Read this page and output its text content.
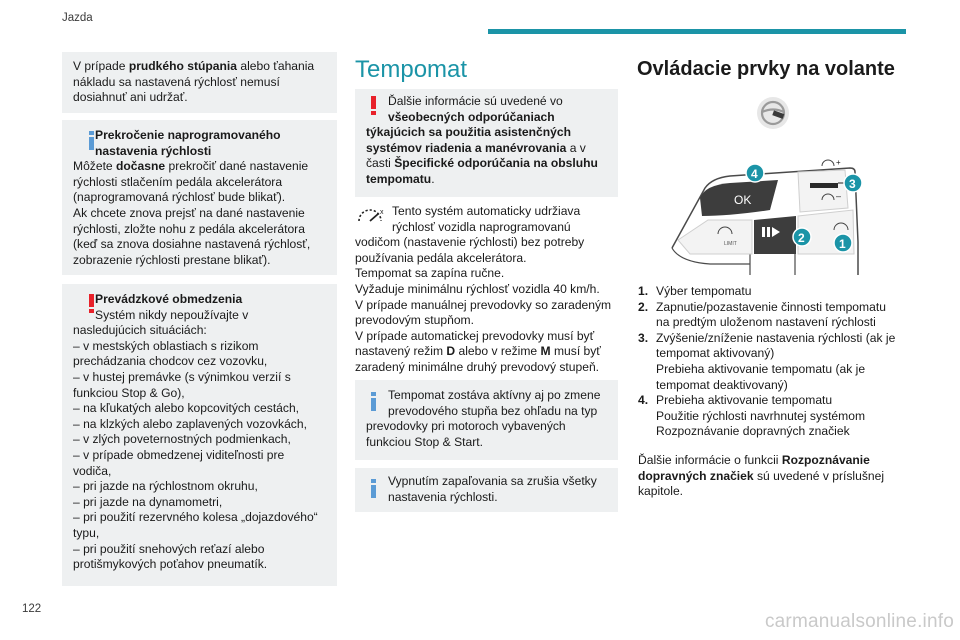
Jazda
122
carmanualsonline.info

V prípade prudkého stúpania alebo ťahania

nákladu sa nastavená rýchlosť nemusí

dosiahnuť ani udržať.

Prekročenie naprogramovaného

nastavenia rýchlosti

Môžete dočasne prekročiť dané nastavenie

rýchlosti stlačením pedála akcelerátora

(naprogramovaná rýchlosť bude blikať).

Ak chcete znova prejsť na dané nastavenie

rýchlosti, zložte nohu z pedála akcelerátora

(keď sa znova dosiahne nastavená rýchlosť,

zobrazenie rýchlosti prestane blikať).

Prevádzkové obmedzenia

Systém nikdy nepoužívajte v

nasledujúcich situáciách:

– v mestských oblastiach s rizikom

prechádzania chodcov cez vozovku,

– v hustej premávke (s výnimkou verzií s

funkciou Stop & Go),

– na kľukatých alebo kopcovitých cestách,

– na klzkých alebo zaplavených vozovkách,

– v zlých poveternostných podmienkach,

– v prípade obmedzenej viditeľnosti pre

vodiča,

– pri jazde na rýchlostnom okruhu,

– pri jazde na dynamometri,

– pri použití rezervného kolesa „dojazdového“

typu,

– pri použití snehových reťazí alebo

protišmykových poťahov pneumatík.

Tempomat

Ďalšie informácie sú uvedené vo

všeobecných odporúčaniach

týkajúcich sa použitia asistenčných

systémov riadenia a manévrovania a v

časti Špecifické odporúčania na obsluhu

tempomatu.

x Tento systém automaticky udržiava

rýchlosť vozidla naprogramovanú

vodičom (nastavenie rýchlosti) bez potreby

používania pedála akcelerátora.

Tempomat sa zapína ručne.

Vyžaduje minimálnu rýchlosť vozidla 40 km/h.

V prípade manuálnej prevodovky so zaradeným

prevodovým stupňom.

V prípade automatickej prevodovky musí byť

nastavený režim D alebo v režime M musí byť

zaradený minimálne druhý prevodový stupeň.

Tempomat zostáva aktívny aj po zmene

prevodového stupňa bez ohľadu na typ

prevodovky pri motoroch vybavených

funkciou Stop & Start.

Vypnutím zapaľovania sa zrušia všetky

nastavenia rýchlosti.

Ovládacie prvky na volante
+
–
OK
LIMIT
4
3
2	1
1. Výber tempomatu

2. Zapnutie/pozastavenie činnosti tempomatu

na predtým uloženom nastavení rýchlosti

3. Zvýšenie/zníženie nastavenia rýchlosti (ak je

tempomat aktivovaný)

Prebieha aktivovanie tempomatu (ak je

tempomat deaktivovaný)

4. Prebieha aktivovanie tempomatu

Použitie rýchlosti navrhnutej systémom

Rozpoznávanie dopravných značiek

Ďalšie informácie o funkcii Rozpoznávanie

dopravných značiek sú uvedené v príslušnej

kapitole.
